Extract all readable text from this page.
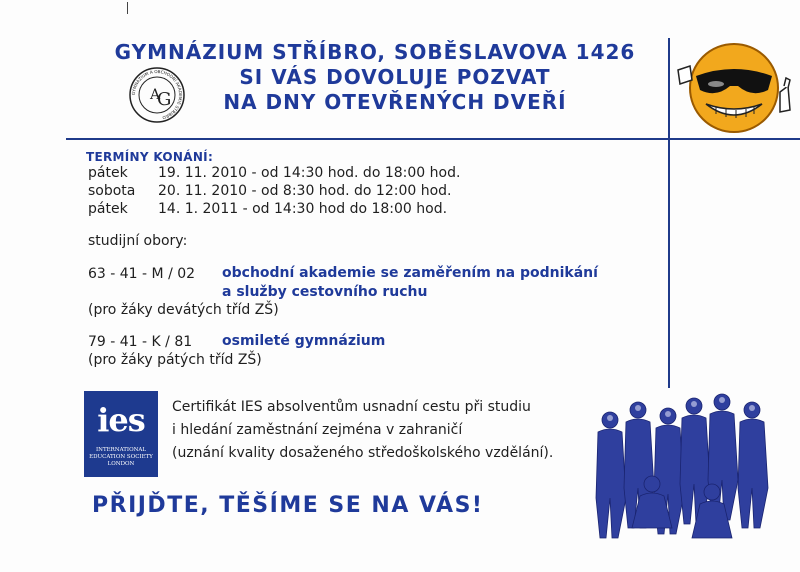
GYMNÁZIUM STŘÍBRO, SOBĚSLAVOVA 1426
SI VÁS DOVOLUJE POZVAT
NA DNY OTEVŘENÝCH DVEŘÍ
GYMNÁZIUM A OBCHODNÍ AKADEMIE STŘÍBRO
A
G
TERMÍNY KONÁNÍ:
pátek 19. 11. 2010 - od 14:30 hod. do 18:00 hod.
sobota 20. 11. 2010 - od 8:30 hod. do 12:00 hod.
pátek 14. 1. 2011 - od 14:30 hod do 18:00 hod.
studijní obory:
63 - 41 - M / 02 obchodní akademie se zaměřením na podnikání
a služby cestovního ruchu
(pro žáky devátých tříd ZŠ)
79 - 41 - K / 81 osmileté gymnázium
(pro žáky pátých tříd ZŠ)
ies
INTERNATIONAL
EDUCATION SOCIETY
LONDON
Certifikát IES absolventům usnadní cestu při studiu
i hledání zaměstnání zejména v zahraničí
(uznání kvality dosaženého středoškolského vzdělání).
PŘIJĎTE, TĚŠÍME SE NA VÁS!
